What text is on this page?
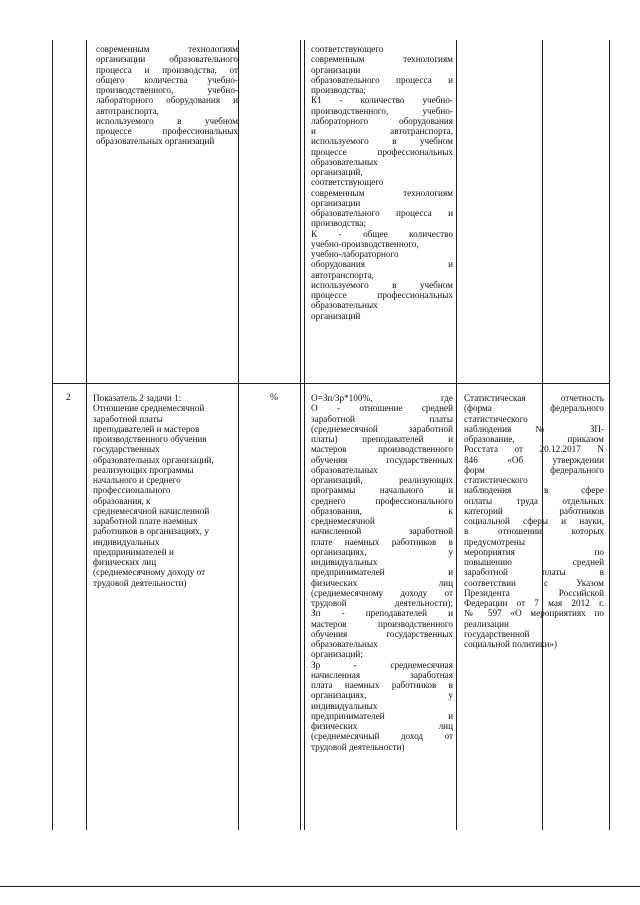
современным технологиям

организации образовательного

процесса и производства, от

общего количества учебно-

производственного, учебно-

лабораторного оборудования и

автотранспорта,

используемого в учебном

процессе профессиональных

образовательных организаций

соответствующего

современным технологиям

организации

образовательного процесса и

производства;

К1 - количество учебно-

производственного, учебно-

лабораторного оборудования

и автотранспорта,

используемого в учебном

процессе профессиональных

образовательных

организаций,

соответствующего

современным технологиям

организации

образовательного процесса и

производства;

К - общее количество

учебно-производственного,

учебно-лабораторного

оборудования и

автотранспорта,

используемого в учебном

процессе профессиональных

образовательных

организаций

2 Показатель 2 задачи 1:

Отношение среднемесячной

заработной платы

преподавателей и мастеров

производственного обучения

государственных

образовательных организаций,

реализующих программы

начального и среднего

профессионального

образования, к

среднемесячной начисленной

заработной плате наемных

работников в организациях, у

индивидуальных

предпринимателей и

физических лиц

(среднемесячному доходу от

трудовой деятельности)

%	О=Зп/Зр*100%, где

О - отношение средней

заработной платы

(среднемесячной заработной

платы) преподавателей и

мастеров производственного

обучения государственных

образовательных

организаций, реализующих

программы начального и

среднего профессионального

образования, к

среднемесячной

начисленной заработной

плате наемных работников в

организациях, у

индивидуальных

предпринимателей и

физических лиц

(среднемесячному доходу от

трудовой деятельности);

Зп - преподавателей и

мастеров производственного

обучения государственных

образовательных

организаций;

Зр - среднемесячная

начисленная заработная

плата наемных работников в

организациях, у

индивидуальных

предпринимателей и

физических лиц

(среднемесячный доход от

трудовой деятельности)

Статистическая отчетность

(форма федерального

статистического

наблюдения № ЗП-

образование, приказом

Росстата от 20.12.2017 N

846 «Об утверждении

форм федерального

статистического

наблюдения в сфере

оплаты труда отдельных

категорий работников

социальной сферы и науки,

в отношении которых

предусмотрены

мероприятия по

повышению средней

заработной платы в

соответствии с Указом

Президента Российской

Федерации от 7 мая 2012 г.

№ 597 «О мероприятиях по

реализации

государственной

социальной политики»)
